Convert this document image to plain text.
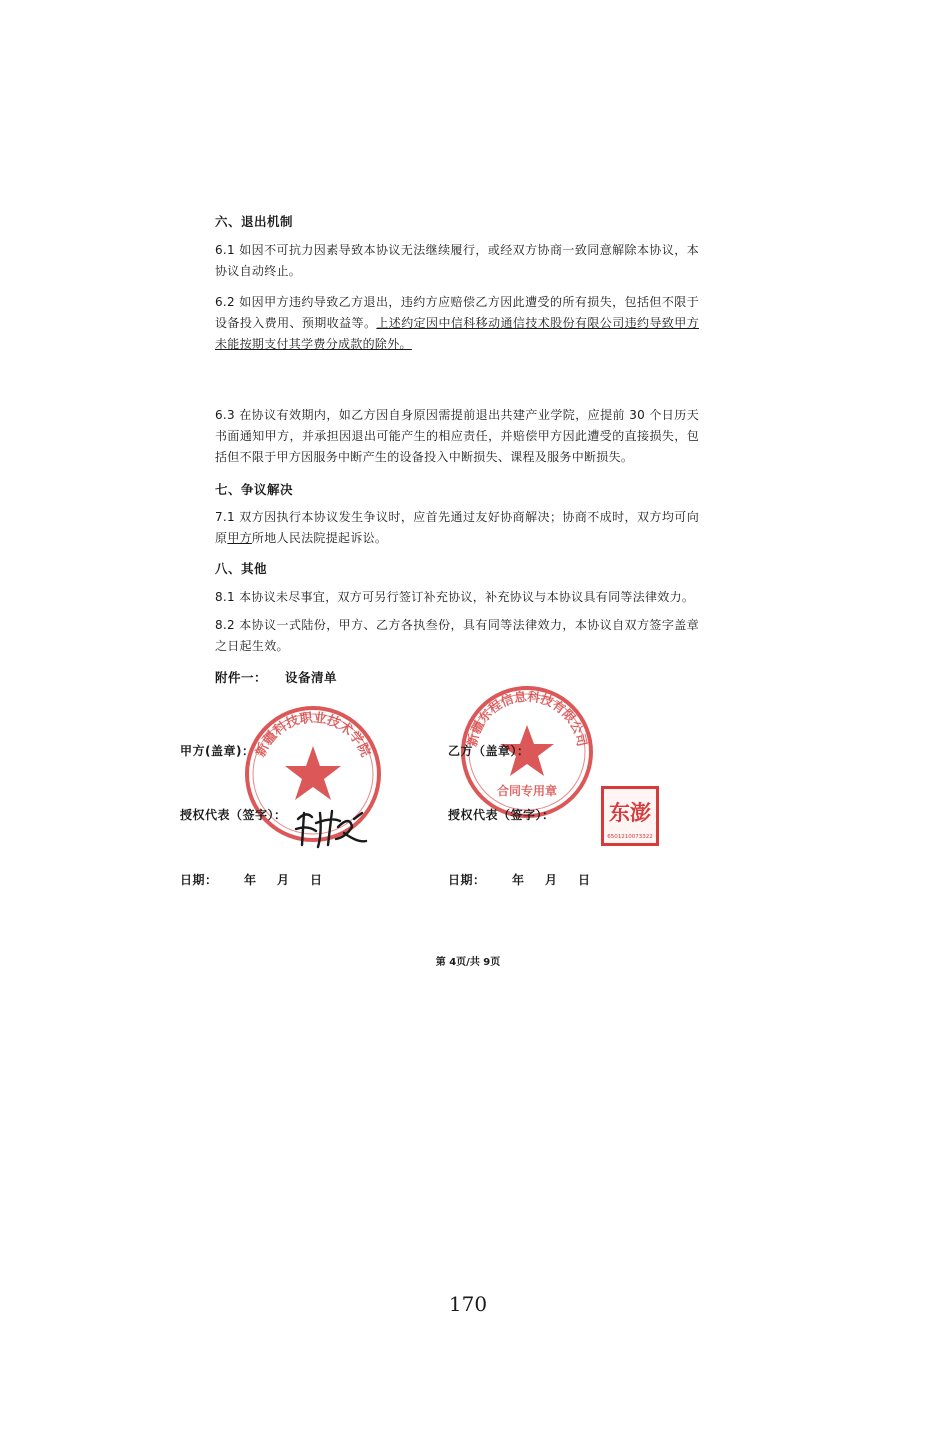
六、退出机制
6.1 如因不可抗力因素导致本协议无法继续履行，或经双方协商一致同意解除本协议，本协议自动终止。
6.2 如因甲方违约导致乙方退出，违约方应赔偿乙方因此遭受的所有损失，包括但不限于设备投入费用、预期收益等。上述约定因中信科移动通信技术股份有限公司违约导致甲方未能按期支付其学费分成款的除外。
6.3 在协议有效期内，如乙方因自身原因需提前退出共建产业学院，应提前 30 个日历天书面通知甲方，并承担因退出可能产生的相应责任，并赔偿甲方因此遭受的直接损失，包括但不限于甲方因服务中断产生的设备投入中断损失、课程及服务中断损失。
七、争议解决
7.1 双方因执行本协议发生争议时，应首先通过友好协商解决；协商不成时，双方均可向原甲方所地人民法院提起诉讼。
八、其他
8.1 本协议未尽事宜，双方可另行签订补充协议，补充协议与本协议具有同等法律效力。
8.2 本协议一式陆份，甲方、乙方各执叁份，具有同等法律效力，本协议自双方签字盖章之日起生效。
附件一： 设备清单
新疆科技职业技术学院
新疆东程信息科技有限公司
合同专用章
东澎
6501210073322
甲方(盖章)：	乙方（盖章）：
授权代表（签字）：	授权代表（签字）：
日期： 年 月 日	日期： 年 月 日
第 4页/共 9页
170
